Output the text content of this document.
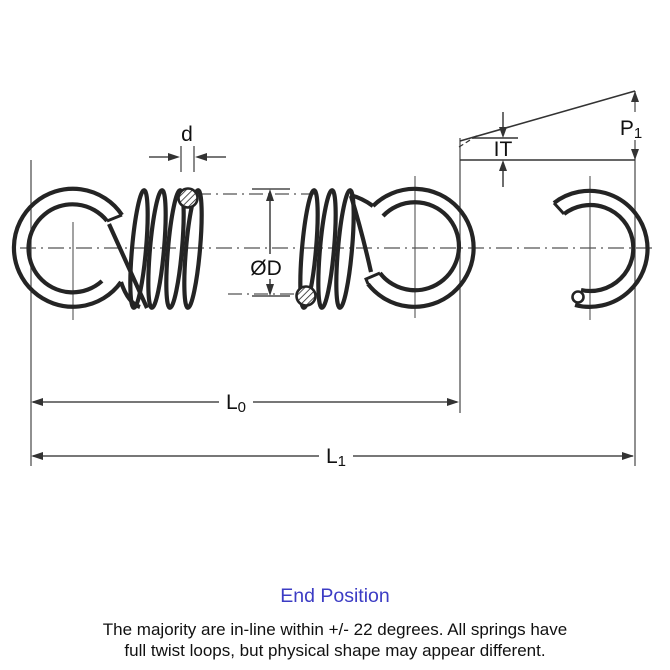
IT
P1
d
ØD
L0
L1
End Position
The majority are in-line within +/- 22 degrees. All springs have
full twist loops, but physical shape may appear different.
